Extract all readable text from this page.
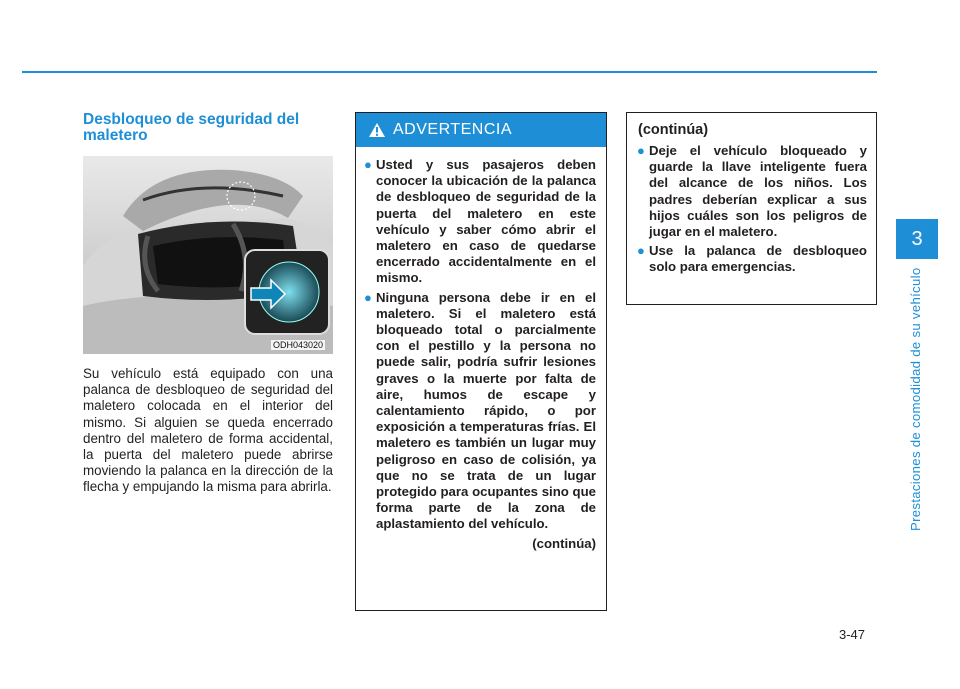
3
Prestaciones de comodidad de su vehículo
Desbloqueo de seguridad del maletero
ODH043020

Su vehículo está equipado con una palanca de desbloqueo de seguridad del maletero colocada en el interior del mismo. Si alguien se queda encerrado dentro del maletero de forma accidental, la puerta del maletero puede abrirse moviendo la palanca en la dirección de la flecha y empujando la misma para abrirla.

ADVERTENCIA
● Usted y sus pasajeros deben conocer la ubicación de la palanca de desbloqueo de seguridad de la puerta del maletero en este vehículo y saber cómo abrir el maletero en caso de quedarse encerrado accidentalmente en el mismo.
● Ninguna persona debe ir en el maletero. Si el maletero está bloqueado total o parcialmente con el pestillo y la persona no puede salir, podría sufrir lesiones graves o la muerte por falta de aire, humos de escape y calentamiento rápido, o por exposición a temperaturas frías. El maletero es también un lugar muy peligroso en caso de colisión, ya que no se trata de un lugar protegido para ocupantes sino que forma parte de la zona de aplastamiento del vehículo.
(continúa)
(continúa)
● Deje el vehículo bloqueado y guarde la llave inteligente fuera del alcance de los niños. Los padres deberían explicar a sus hijos cuáles son los peligros de jugar en el maletero.
● Use la palanca de desbloqueo solo para emergencias.
3-47
